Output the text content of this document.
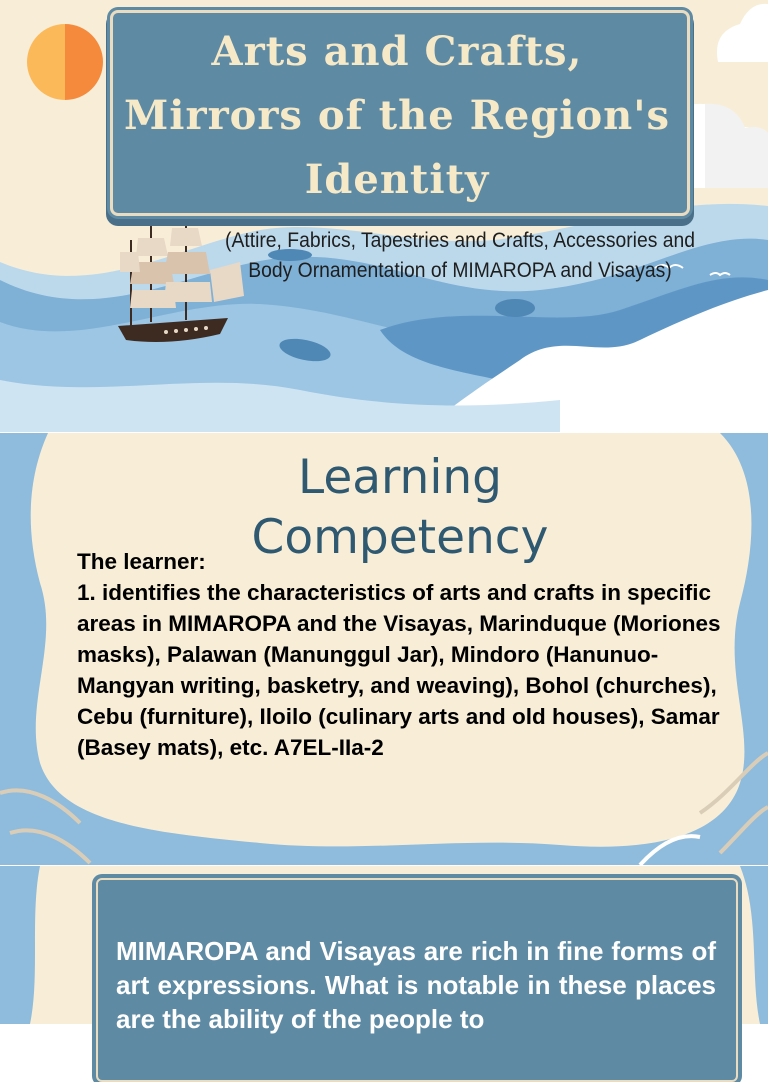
Arts and Crafts,
Mirrors of the Region's
Identity
(Attire, Fabrics, Tapestries and Crafts, Accessories and
Body Ornamentation of MIMAROPA and Visayas)
Learning
Competency
The learner:
1. identifies the characteristics of arts and crafts in specific areas in MIMAROPA and the Visayas, Marinduque (Moriones masks), Palawan (Manunggul Jar), Mindoro (Hanunuo-Mangyan writing, basketry, and weaving), Bohol (churches), Cebu (furniture), Iloilo (culinary arts and old houses), Samar (Basey mats), etc. A7EL-IIa-2
MIMAROPA and Visayas are rich in fine forms of art expressions. What is notable in these places are the ability of the people to
